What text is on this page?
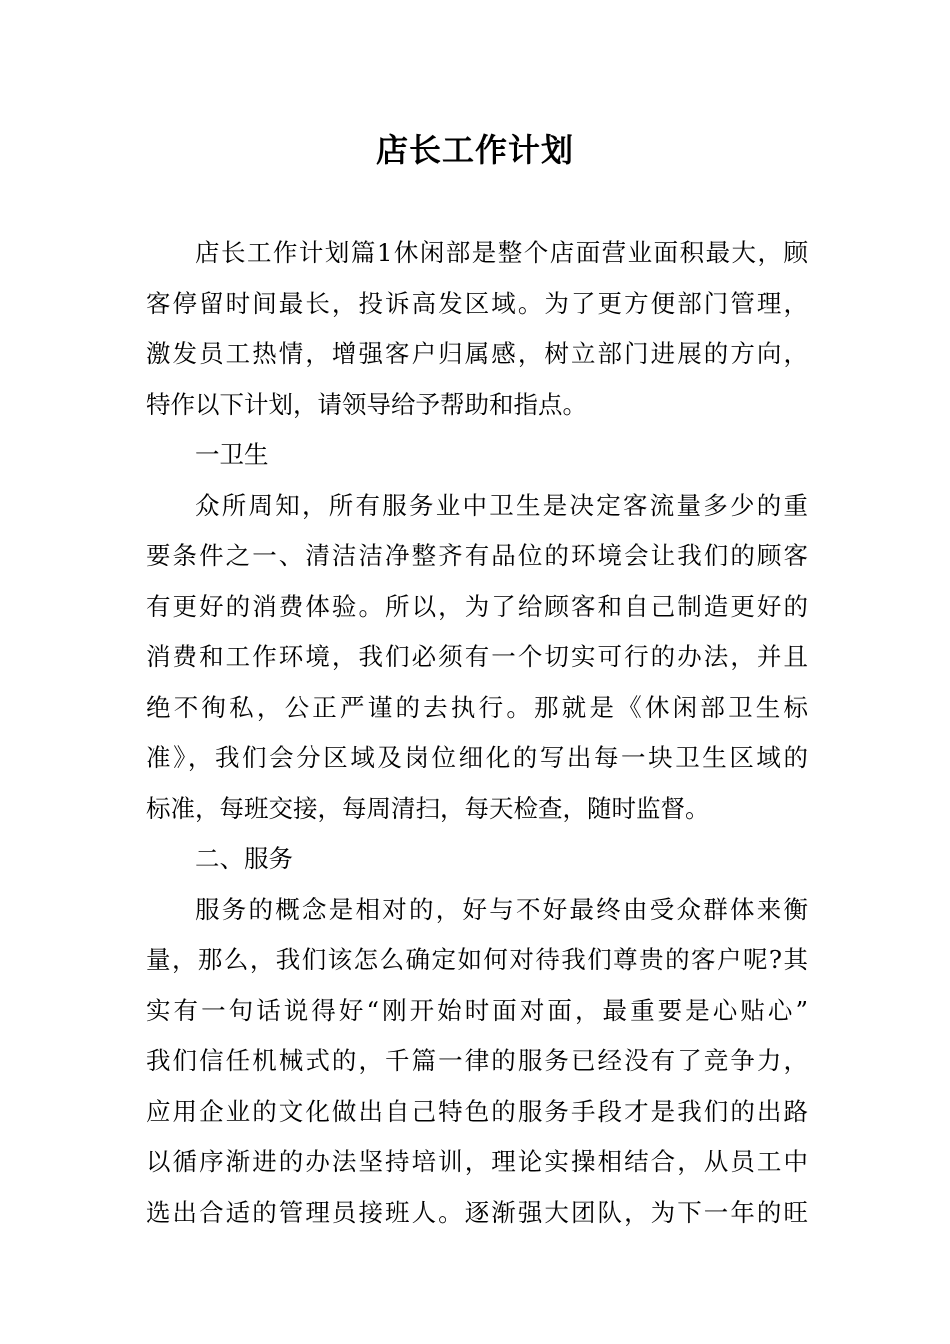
店长工作计划
店长工作计划篇1休闲部是整个店面营业面积最大，顾
客停留时间最长，投诉高发区域。为了更方便部门管理，
激发员工热情，增强客户归属感，树立部门进展的方向，
特作以下计划，请领导给予帮助和指点。
一卫生
众所周知，所有服务业中卫生是决定客流量多少的重
要条件之一、清洁洁净整齐有品位的环境会让我们的顾客
有更好的消费体验。所以，为了给顾客和自己制造更好的
消费和工作环境，我们必须有一个切实可行的办法，并且
绝不徇私，公正严谨的去执行。那就是《休闲部卫生标
准》，我们会分区域及岗位细化的写出每一块卫生区域的
标准，每班交接，每周清扫，每天检查，随时监督。
二、服务
服务的概念是相对的，好与不好最终由受众群体来衡
量，那么，我们该怎么确定如何对待我们尊贵的客户呢?其
实有一句话说得好“刚开始时面对面，最重要是心贴心”
我们信任机械式的，千篇一律的服务已经没有了竞争力，
应用企业的文化做出自己特色的服务手段才是我们的出路
以循序渐进的办法坚持培训，理论实操相结合，从员工中
选出合适的管理员接班人。逐渐强大团队，为下一年的旺
